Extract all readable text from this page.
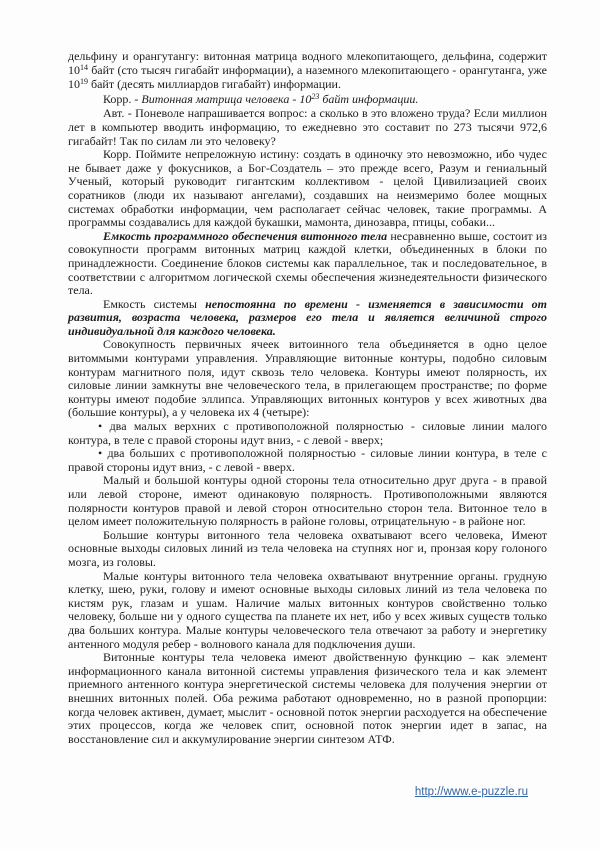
дельфину и орангутангу: витонная матрица водного млекопитающего, дельфина, содержит $10^{14}$ байт (сто тысяч гигабайт информации), а наземного млекопитающего - орангутанга, уже $10^{19}$ байт (десять миллиардов гигабайт) информации.

Корр. - Витонная матрица человека - $10^{23}$ байт информации.

Авт. - Поневоле напрашивается вопрос: а сколько в это вложено труда? Если миллион лет в компьютер вводить информацию, то ежедневно это составит по 273 тысячи 972,6 гигабайт! Так по силам ли это человеку?

Корр. Поймите непреложную истину: создать в одиночку это невозможно, ибо чудес не бывает даже у фокусников, а Бог-Создатель – это прежде всего, Разум и гениальный Ученый, который руководит гигантским коллективом - целой Цивилизацией своих соратников (люди их называют ангелами), создавших на неизмеримо более мощных системах обработки информации, чем располагает сейчас человек, такие программы. А программы создавались для каждой букашки, мамонта, динозавра, птицы, собаки...

Емкость программного обеспечения витонного тела несравненно выше, состоит из совокупности программ витонных матриц каждой клетки, объединенных в блоки по принадлежности. Соединение блоков системы как параллельное, так и последовательное, в соответствии с алгоритмом логической схемы обеспечения жизнедеятельности физического тела.

Емкость системы непостоянна по времени - изменяется в зависимости от развития, возраста человека, размеров его тела и является величиной строго индивидуальной для каждого человека.

Совокупность первичных ячеек витоинного тела объединяется в одно целое витоммыми контурами управления. Управляющие витонные контуры, подобно силовым контурам магнитного поля, идут сквозь тело человека. Контуры имеют полярность, их силовые линии замкнуты вне человеческого тела, в прилегающем пространстве; по форме контуры имеют подобие эллипса. Управляющих витонных контуров у всех животных два (большие контуры), а у человека их 4 (четыре):

• два малых верхних с противоположной полярностью - силовые линии малого контура, в теле с правой стороны идут вниз, - с левой - вверх;

• два больших с противоположной полярностью - силовые линии контура, в теле с правой стороны идут вниз, - с левой - вверх.

Малый и большой контуры одной стороны тела относительно друг друга - в правой или левой стороне, имеют одинаковую полярность. Противоположными являются полярности контуров правой и левой сторон относительно сторон тела. Витонное тело в целом имеет положительную полярность в районе головы, отрицательную - в районе ног.

Большие контуры витонного тела человека охватывают всего человека, Имеют основные выходы силовых линий из тела человека на ступнях ног и, пронзая кору голоного мозга, из головы.

Малые контуры витонного тела человека охватывают внутренние органы. грудную клетку, шею, руки, голову и имеют основные выходы силовых линий из тела человека по кистям рук, глазам и ушам. Наличие малых витонных контуров свойственно только человеку, больше ни у одного существа па планете их нет, ибо у всех живых существ только два больших контура. Малые контуры человеческого тела отвечают за работу и энергетику антенного модуля ребер - волнового канала для подключения души.

Витонные контуры тела человека имеют двойственную функцию – как элемент информационного канала витонной системы управления физического тела и как элемент приемного антенного контура энергетической системы человека для получения энергии от внешних витонных полей. Оба режима работают одновременно, но в разной пропорции: когда человек активен, думает, мыслит - основной поток энергии расходуется на обеспечение этих процессов, когда же человек спит, основной поток энергии идет в запас, на восстановление сил и аккумулирование энергии синтезом АТФ.

http://www.e-puzzle.ru
